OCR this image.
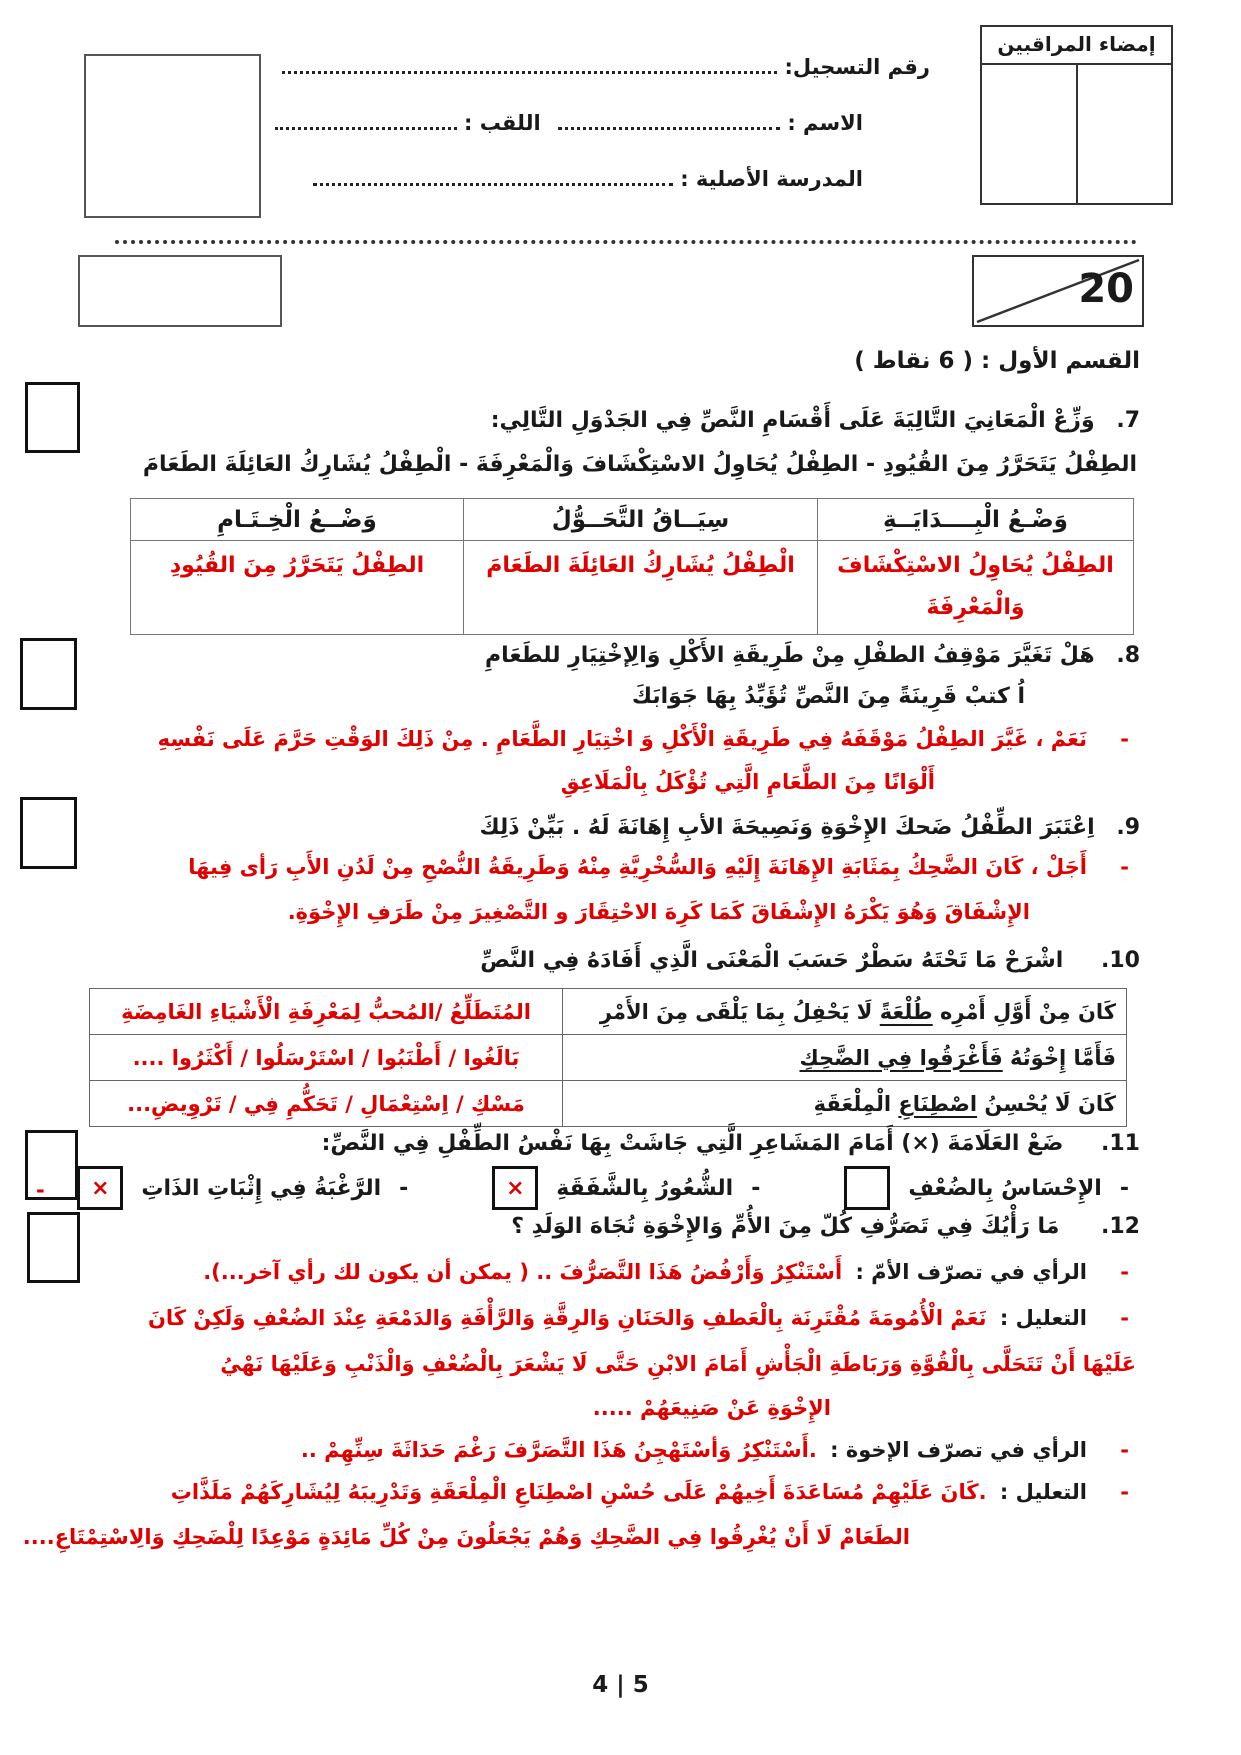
إمضاء المراقبين
رقم التسجيل:
الاسم :  اللقب :
المدرسة الأصلية :
20
القسم الأول : ( 6 نقاط )
7. وَزِّعْ الْمَعَانِيَ التَّالِيَةَ عَلَى أَقْسَامِ النَّصِّ فِي الجَدْوَلِ التَّالِي:
الطِفْلُ يَتَحَرَّرُ مِنَ القُيُودِ - الطِفْلُ يُحَاوِلُ الاسْتِكْشَافَ وَالْمَعْرِفَةَ - الْطِفْلُ يُشَارِكُ العَائِلَةَ الطَعَامَ
وَضْـعُ الْبِــــدَايَــةِ	سِيَــاقُ التَّحَــوُّلُ	وَضْــعُ الْخِـتَـامِ
الطِفْلُ يُحَاوِلُ الاسْتِكْشَافَ وَالْمَعْرِفَةَ	الْطِفْلُ يُشَارِكُ العَائِلَةَ الطَعَامَ	الطِفْلُ يَتَحَرَّرُ مِنَ القُيُودِ
8. هَلْ تَغَيَّرَ مَوْقِفُ الطفْلِ مِنْ طَرِيقَةِ الأَكْلِ وَالِإخْتِيَارِ للطَعَامِ
اُ كتبْ قَرِينَةً مِنَ النَّصِّ تُؤَيِّدُ بِهَا جَوَابَكَ
- نَعَمْ ، غَيَّرَ الطِفْلُ مَوْقَفَهُ فِي طَرِيقَةِ الْأَكْلِ وَ اخْتِيَارِ الطَّعَامِ . مِنْ ذَلِكَ الوَقْتِ حَرَّمَ عَلَى نَفْسِهِ
أَلْوَانًا مِنَ الطَّعَامِ الَّتِي تُؤْكَلُ بِالْمَلَاعِقِ
9. اِعْتَبَرَ الطِّفْلُ ضَحكَ الإِخْوَةِ وَنَصِيحَةَ الأبِ إِهَانَةَ لَهُ . بَيِّنْ ذَلِكَ
- أَجَلْ ، كَانَ الضَّحِكُ بِمَثَابَةِ الإِهَانَةَ إِلَيْهِ وَالسُّخْرِيَّةِ مِنْهُ وَطَرِيقَةُ النُّصْحِ مِنْ لَدُنِ الأَبِ رَأى فِيهَا
الإِشْفَاقَ وَهُوَ يَكْرَهُ الإِشْفَاقَ كَمَا كَرِهَ الاحْتِقَارَ و التَّصْغِيرَ مِنْ طَرَفِ الإِخْوَةِ.
10. اشْرَحْ مَا تَحْتَهُ سَطْرٌ حَسَبَ الْمَعْنَى الَّذِي أَفَادَهُ فِي النَّصِّ
كَانَ مِنْ أَوَّلِ أَمْرِه طُلْعَةً لَا يَحْفِلُ بِمَا يَلْقَى مِنَ الأَمْرِ	المُتَطَلِّعُ /المُحبُّ لِمَعْرِفَةِ الْأَشْيَاءِ الغَامِضَةِ
فَأَمَّا إِخْوَتُهُ فَأَغْرَقُوا فِي الضَّحِكِ	بَالَغُوا / أَطْنَبُوا / اسْتَرْسَلُوا / أَكْثَرُوا ....
كَانَ لَا يُحْسِنُ اصْطِنَاعِ الْمِلْعَقَةِ	مَسْكِ / اِسْتِعْمَالِ / تَحَكُّمِ فِي / تَرْوِيضِ...
11. ضَعْ العَلَامَةَ (×) أَمَامَ المَشَاعِرِ الَّتِي جَاشَتْ بِهَا نَفْسُ الطِّفْلِ فِي النَّصِّ:
-
الإِحْسَاسُ بِالضُعْفِ
-
الشُّعُورُ بِالشَّفَقَةِ
×
-
الرَّغْبَةُ فِي إِثْبَاتِ الذَاتِ
×
-
12. مَا رَأْيُكَ فِي تَصَرُّفِ كُلّ مِنَ الأُمِّ وَالإِخْوَةِ تُجَاهَ الوَلَدِ ؟
- الرأي في تصرّف الأمّ : أَسْتَنْكِرُ وَأَرْفُضُ هَذَا التَّصَرُّفَ .. ( يمكن أن يكون لك رأي آخر...).
- التعليل : نَعَمْ الْأُمُومَةَ مُقْتَرِنَة بِالْعَطفِ وَالحَنَانِ وَالرِقَّةِ وَالرَّأْفَةِ وَالدَمْعَةِ عِنْدَ الضُعْفِ وَلَكِنْ كَانَ
عَلَيْهَا أَنْ تَتَحَلَّى بِالْقُوَّةِ وَرَبَاطَةِ الْجَأْشِ أَمَامَ الابْنِ حَتَّى لَا يَشْعَرَ بِالْضُعْفِ وَالْذَنْبِ وَعَلَيْهَا نَهْيُ
الإِخْوَةِ عَنْ صَنِيعَهُمْ .....
- الرأي في تصرّف الإخوة : .أَسْتَنْكِرُ وَأسْتَهْجِنُ هَذَا التَّصَرَّفَ رَغْمَ حَدَاثَةَ سِنِّهِمْ ..
- التعليل : .كَانَ عَلَيْهِمْ مُسَاعَدَةَ أَخِيهُمْ عَلَى حُسْنِ اصْطِنَاعِ الْمِلْعَقَةِ وَتَدْرِيبَهُ لِيُشَارِكَهُمْ مَلَذَّاتِ
الطَعَامْ لَا أَنْ يُغْرِقُوا فِي الضَّحِكِ وَهُمْ يَجْعَلُونَ مِنْ كُلِّ مَائِدَةٍ مَوْعِدًا لِلْضَحِكِ وَالِاسْتِمْتَاعِ....
4 | 5
